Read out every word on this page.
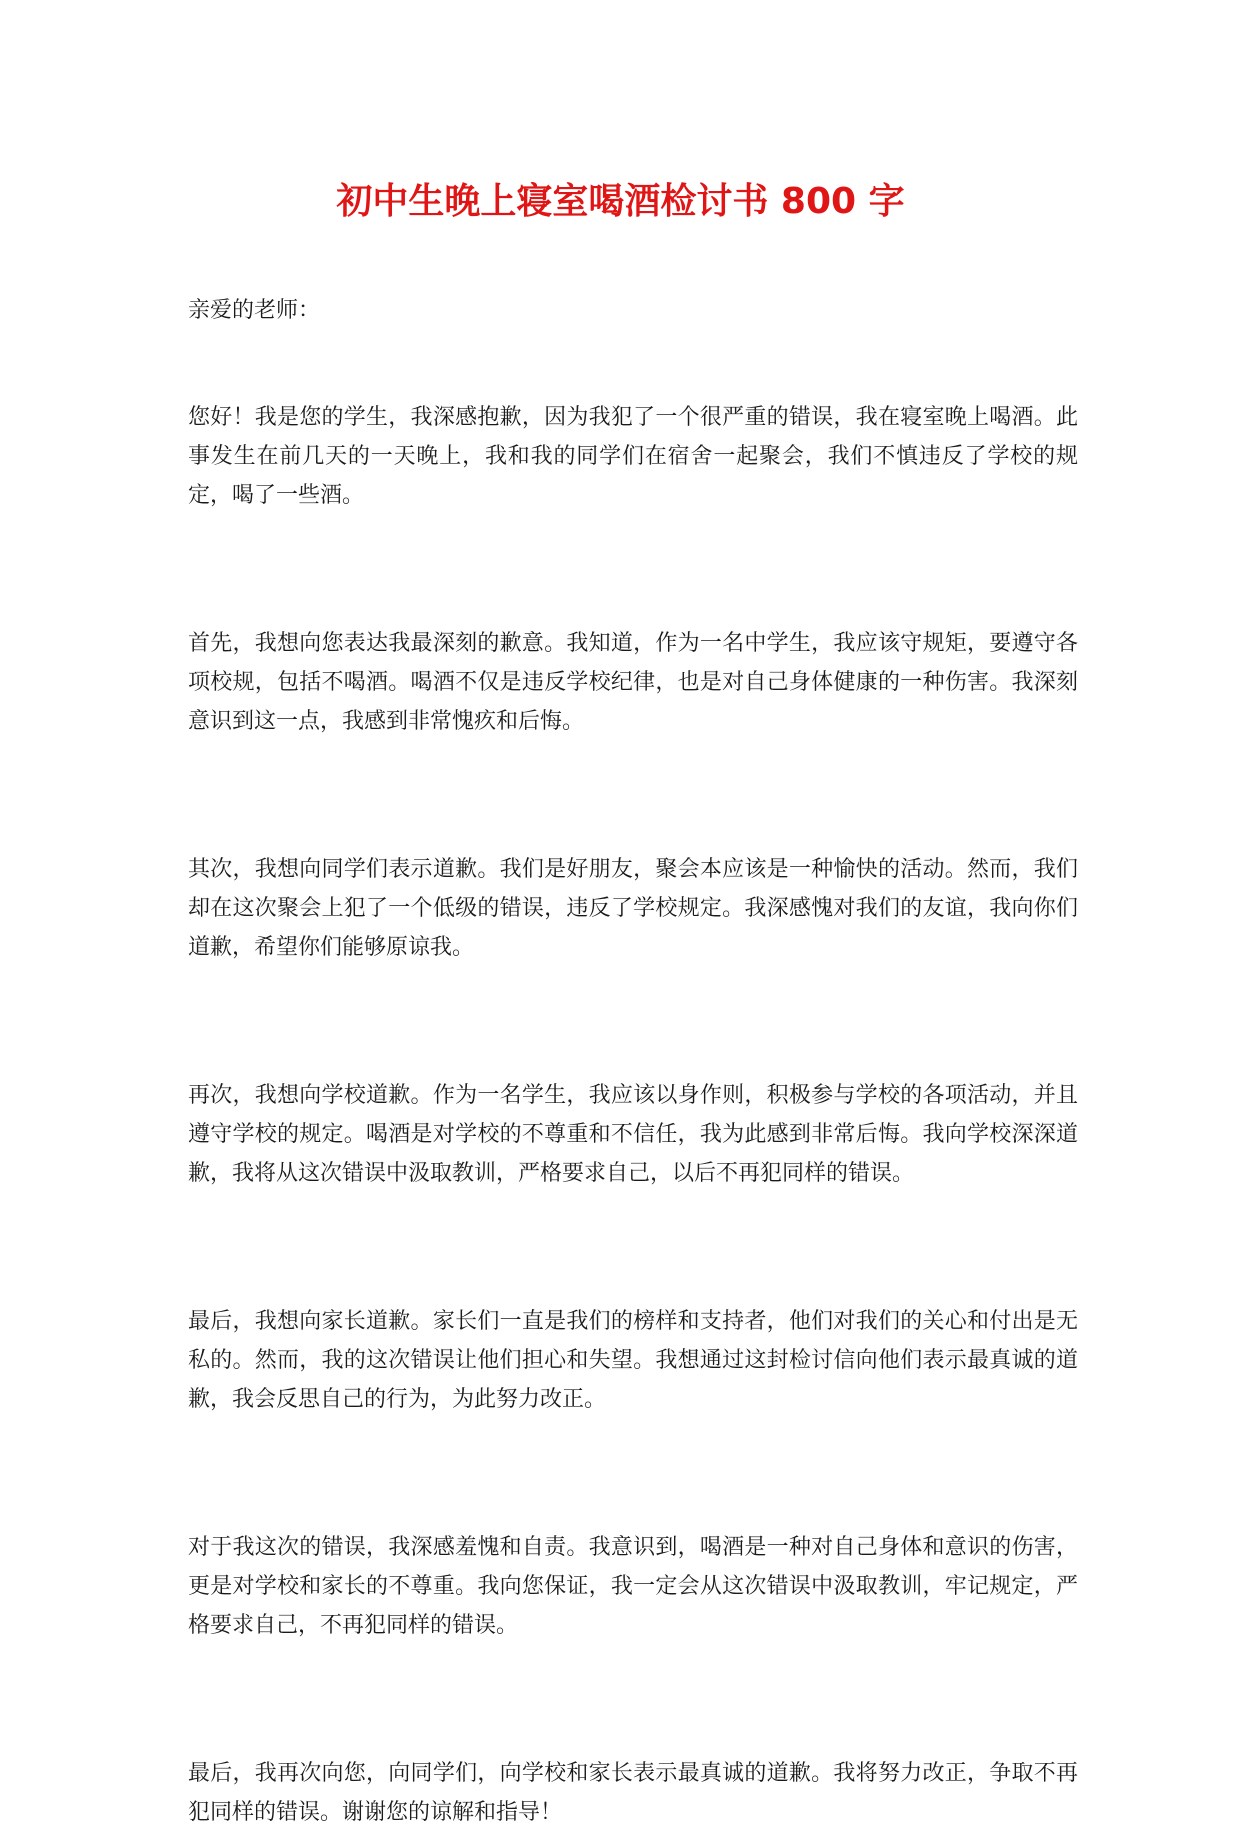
初中生晚上寝室喝酒检讨书 800 字

亲爱的老师：

您好！我是您的学生，我深感抱歉，因为我犯了一个很严重的错误，我在寝室晚上喝酒。此事发生在前几天的一天晚上，我和我的同学们在宿舍一起聚会，我们不慎违反了学校的规定，喝了一些酒。

首先，我想向您表达我最深刻的歉意。我知道，作为一名中学生，我应该守规矩，要遵守各项校规，包括不喝酒。喝酒不仅是违反学校纪律，也是对自己身体健康的一种伤害。我深刻意识到这一点，我感到非常愧疚和后悔。

其次，我想向同学们表示道歉。我们是好朋友，聚会本应该是一种愉快的活动。然而，我们却在这次聚会上犯了一个低级的错误，违反了学校规定。我深感愧对我们的友谊，我向你们道歉，希望你们能够原谅我。

再次，我想向学校道歉。作为一名学生，我应该以身作则，积极参与学校的各项活动，并且遵守学校的规定。喝酒是对学校的不尊重和不信任，我为此感到非常后悔。我向学校深深道歉，我将从这次错误中汲取教训，严格要求自己，以后不再犯同样的错误。

最后，我想向家长道歉。家长们一直是我们的榜样和支持者，他们对我们的关心和付出是无私的。然而，我的这次错误让他们担心和失望。我想通过这封检讨信向他们表示最真诚的道歉，我会反思自己的行为，为此努力改正。

对于我这次的错误，我深感羞愧和自责。我意识到，喝酒是一种对自己身体和意识的伤害，更是对学校和家长的不尊重。我向您保证，我一定会从这次错误中汲取教训，牢记规定，严格要求自己，不再犯同样的错误。

最后，我再次向您，向同学们，向学校和家长表示最真诚的道歉。我将努力改正，争取不再犯同样的错误。谢谢您的谅解和指导！
